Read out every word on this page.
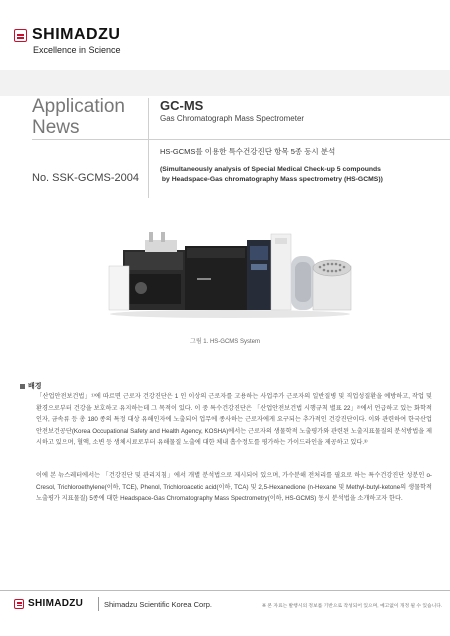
SHIMADZU
Excellence in Science
Application
News
GC-MS
Gas Chromatograph Mass Spectrometer
HS-GCMS를 이용한 특수건강진단 항목 5종 동시 분석
(Simultaneously analysis of Special Medical Check-up 5 compounds
by Headspace-Gas chromatography Mass spectrometry (HS-GCMS))
No. SSK-GCMS-2004
그림 1. HS-GCMS System
배경
「산업안전보건법」¹⁾에 따르면 근로자 건강진단은 1 인 이상의 근로자를 고용하는 사업주가 근로자의 일반질병 및 직업성질환을 예방하고, 작업 및 환경으로부터 건강을 보호하고 유지하는데 그 목적이 있다. 이 중 특수건강진단은 「산업안전보건법 시행규칙 별표 22」²⁾에서 언급하고 있는 화학적인자, 금속류 등 총 180 종의 특정 대상 유해인자에 노출되어 업무에 종사하는 근로자에게 요구되는 추가적인 건강진단이다. 이와 관련하여 한국산업안전보건공단(Korea Occupational Safety and Health Agency, KOSHA)에서는 근로자의 생물학적 노출평가와 관련된 노출지표물질의 분석방법을 제시하고 있으며, 혈액, 소변 등 생체시료로부터 유해물질 노출에 대한 체내 흡수정도를 평가하는 가이드라인을 제공하고 있다.³⁾
이에 본 뉴스레터에서는 「건강진단 및 관리지침」에서 개별 분석법으로 제시되어 있으며, 가수분해 전처리를 필요로 하는 특수건강진단 성분인 o-Cresol, Trichloroethylene(이하, TCE), Phenol, Trichloroacetic acid(이하, TCA) 및 2,5-Hexanedione (n-Hexane 및 Methyl-butyl-ketone의 생물학적 노출평가 지표물질) 5종에 대한 Headspace-Gas Chromatography Mass Spectrometry(이하, HS-GCMS) 동시 분석법을 소개하고자 한다.
SHIMADZU	Shimadzu Scientific Korea Corp.	※ 본 자료는 발행시의 정보를 기반으로 작성되어 있으며, 예고없이 개정 될 수 있습니다.
